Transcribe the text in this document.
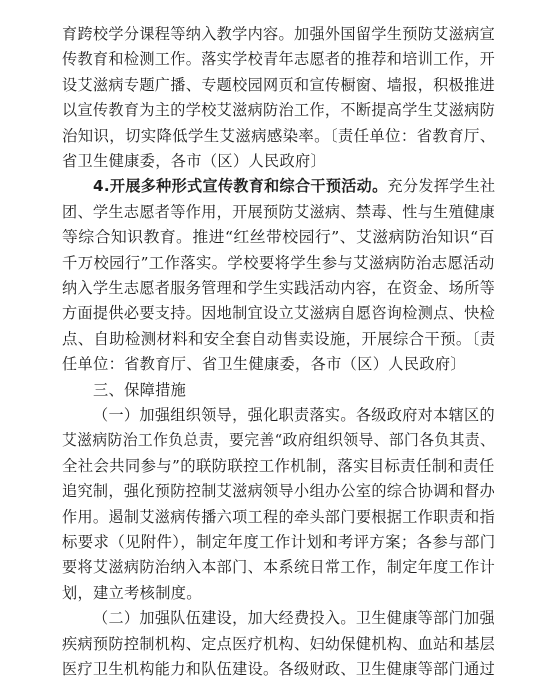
育跨校学分课程等纳入教学内容。加强外国留学生预防艾滋病宣
传教育和检测工作。落实学校青年志愿者的推荐和培训工作，开
设艾滋病专题广播、专题校园网页和宣传橱窗、墙报，积极推进
以宣传教育为主的学校艾滋病防治工作，不断提高学生艾滋病防
治知识，切实降低学生艾滋病感染率。〔责任单位：省教育厅、
省卫生健康委，各市（区）人民政府〕
4.开展多种形式宣传教育和综合干预活动。充分发挥学生社
团、学生志愿者等作用，开展预防艾滋病、禁毒、性与生殖健康
等综合知识教育。推进“红丝带校园行”、艾滋病防治知识“百
千万校园行”工作落实。学校要将学生参与艾滋病防治志愿活动
纳入学生志愿者服务管理和学生实践活动内容，在资金、场所等
方面提供必要支持。因地制宜设立艾滋病自愿咨询检测点、快检
点、自助检测材料和安全套自动售卖设施，开展综合干预。〔责
任单位：省教育厅、省卫生健康委，各市（区）人民政府〕
三、保障措施
（一）加强组织领导，强化职责落实。各级政府对本辖区的
艾滋病防治工作负总责，要完善“政府组织领导、部门各负其责、
全社会共同参与”的联防联控工作机制，落实目标责任制和责任
追究制，强化预防控制艾滋病领导小组办公室的综合协调和督办
作用。遏制艾滋病传播六项工程的牵头部门要根据工作职责和指
标要求（见附件），制定年度工作计划和考评方案；各参与部门
要将艾滋病防治纳入本部门、本系统日常工作，制定年度工作计
划，建立考核制度。
（二）加强队伍建设，加大经费投入。卫生健康等部门加强
疾病预防控制机构、定点医疗机构、妇幼保健机构、血站和基层
医疗卫生机构能力和队伍建设。各级财政、卫生健康等部门通过
